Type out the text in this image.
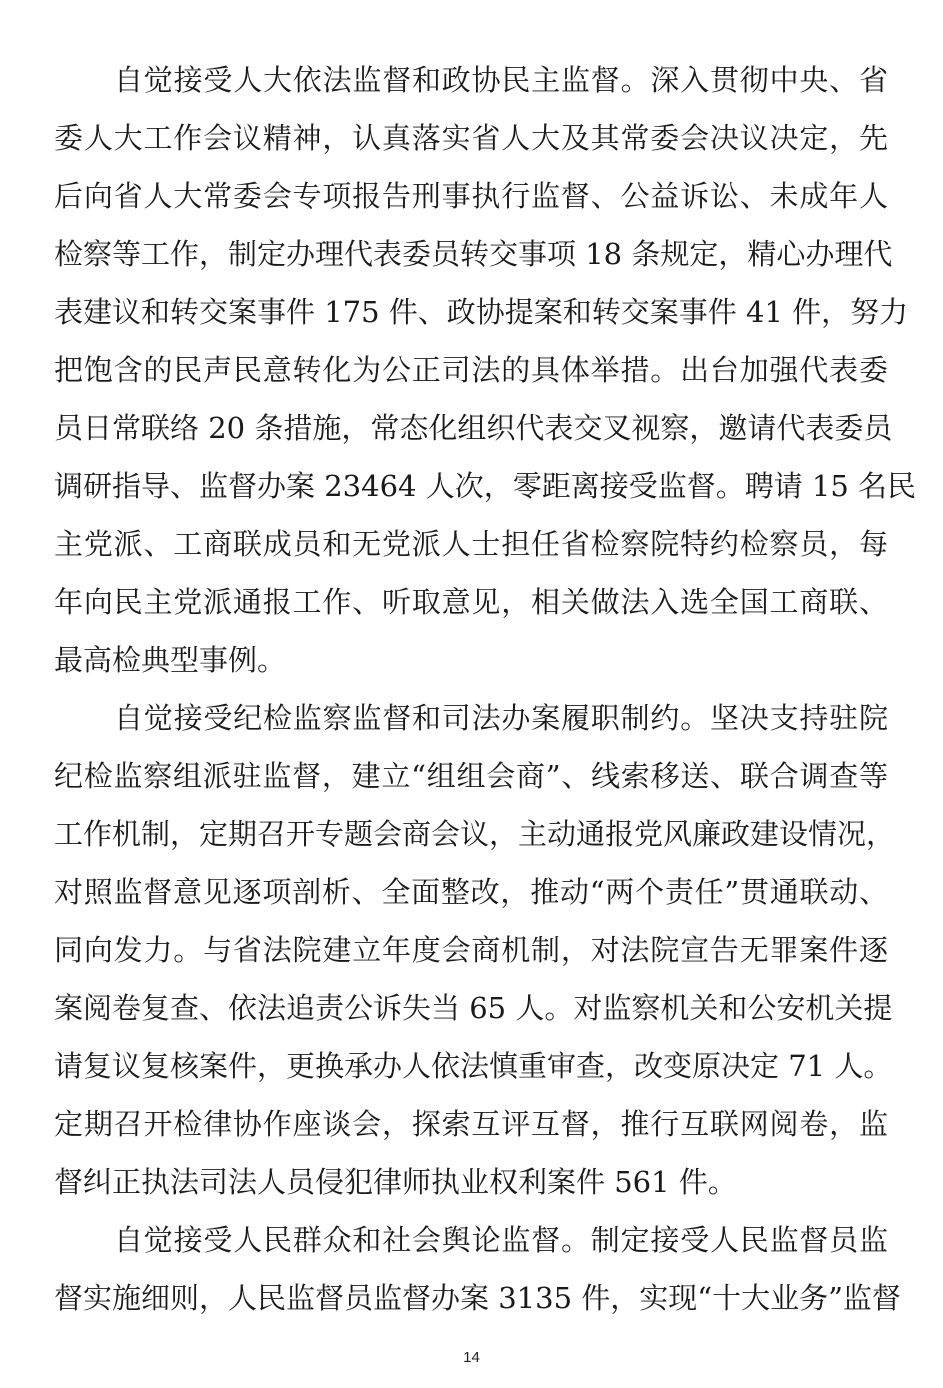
自觉接受人大依法监督和政协民主监督。深入贯彻中央、省
委人大工作会议精神，认真落实省人大及其常委会决议决定，先
后向省人大常委会专项报告刑事执行监督、公益诉讼、未成年人
检察等工作，制定办理代表委员转交事项 18 条规定，精心办理代
表建议和转交案事件 175 件、政协提案和转交案事件 41 件，努力
把饱含的民声民意转化为公正司法的具体举措。出台加强代表委
员日常联络 20 条措施，常态化组织代表交叉视察，邀请代表委员
调研指导、监督办案 23464 人次，零距离接受监督。聘请 15 名民
主党派、工商联成员和无党派人士担任省检察院特约检察员，每
年向民主党派通报工作、听取意见，相关做法入选全国工商联、
最高检典型事例。
自觉接受纪检监察监督和司法办案履职制约。坚决支持驻院
纪检监察组派驻监督，建立“组组会商”、线索移送、联合调查等
工作机制，定期召开专题会商会议，主动通报党风廉政建设情况，
对照监督意见逐项剖析、全面整改，推动“两个责任”贯通联动、
同向发力。与省法院建立年度会商机制，对法院宣告无罪案件逐
案阅卷复查、依法追责公诉失当 65 人。对监察机关和公安机关提
请复议复核案件，更换承办人依法慎重审查，改变原决定 71 人。
定期召开检律协作座谈会，探索互评互督，推行互联网阅卷，监
督纠正执法司法人员侵犯律师执业权利案件 561 件。
自觉接受人民群众和社会舆论监督。制定接受人民监督员监
督实施细则，人民监督员监督办案 3135 件，实现“十大业务”监督
14
